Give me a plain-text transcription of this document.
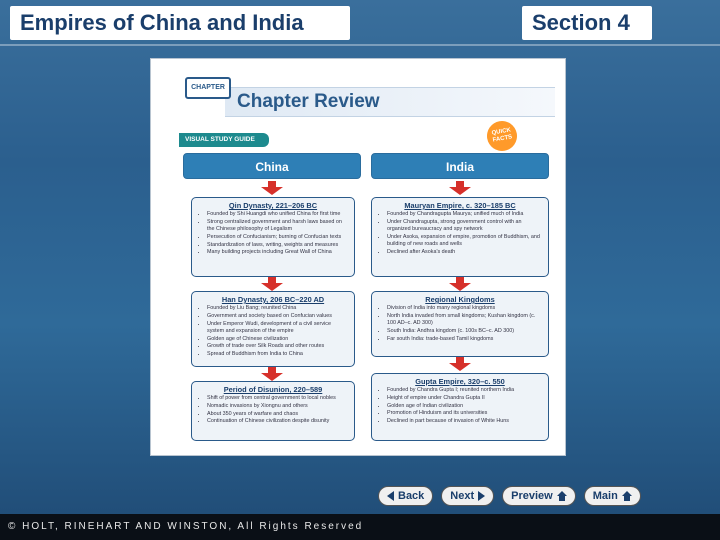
Empires of China and India	Section 4
Chapter Review
CHAPTER
VISUAL STUDY GUIDE
QUICK FACTS
China	India
Qin Dynasty, 221–206 BC
• Founded by Shi Huangdi who unified China for first time
• Strong centralized government and harsh laws based on the Chinese philosophy of Legalism
• Persecution of Confucianism; burning of Confucian texts
• Standardization of laws, writing, weights and measures
• Many building projects including Great Wall of China
Han Dynasty, 206 BC–220 AD
• Founded by Liu Bang; reunited China
• Government and society based on Confucian values
• Under Emperor Wudi, development of a civil service system and expansion of the empire
• Golden age of Chinese civilization
• Growth of trade over Silk Roads and other routes
• Spread of Buddhism from India to China
Period of Disunion, 220–589
• Shift of power from central government to local nobles
• Nomadic invasions by Xiongnu and others
• About 350 years of warfare and chaos
• Continuation of Chinese civilization despite disunity
Mauryan Empire, c. 320–185 BC
• Founded by Chandragupta Maurya; unified much of India
• Under Chandragupta, strong government control with an organized bureaucracy and spy network
• Under Asoka, expansion of empire, promotion of Buddhism, and building of new roads and wells
• Declined after Asoka's death
Regional Kingdoms
• Division of India into many regional kingdoms
• North India invaded from small kingdoms; Kushan kingdom (c. 100 AD–c. AD 300)
• South India: Andhra kingdom (c. 100s BC–c. AD 300)
• Far south India: trade-based Tamil kingdoms
Gupta Empire, 320–c. 550
• Founded by Chandra Gupta I; reunited northern India
• Height of empire under Chandra Gupta II
• Golden age of Indian civilization
• Promotion of Hinduism and its universities
• Declined in part because of invasion of White Huns
Back Next	Preview	Main
© HOLT, RINEHART AND WINSTON, All Rights Reserved
